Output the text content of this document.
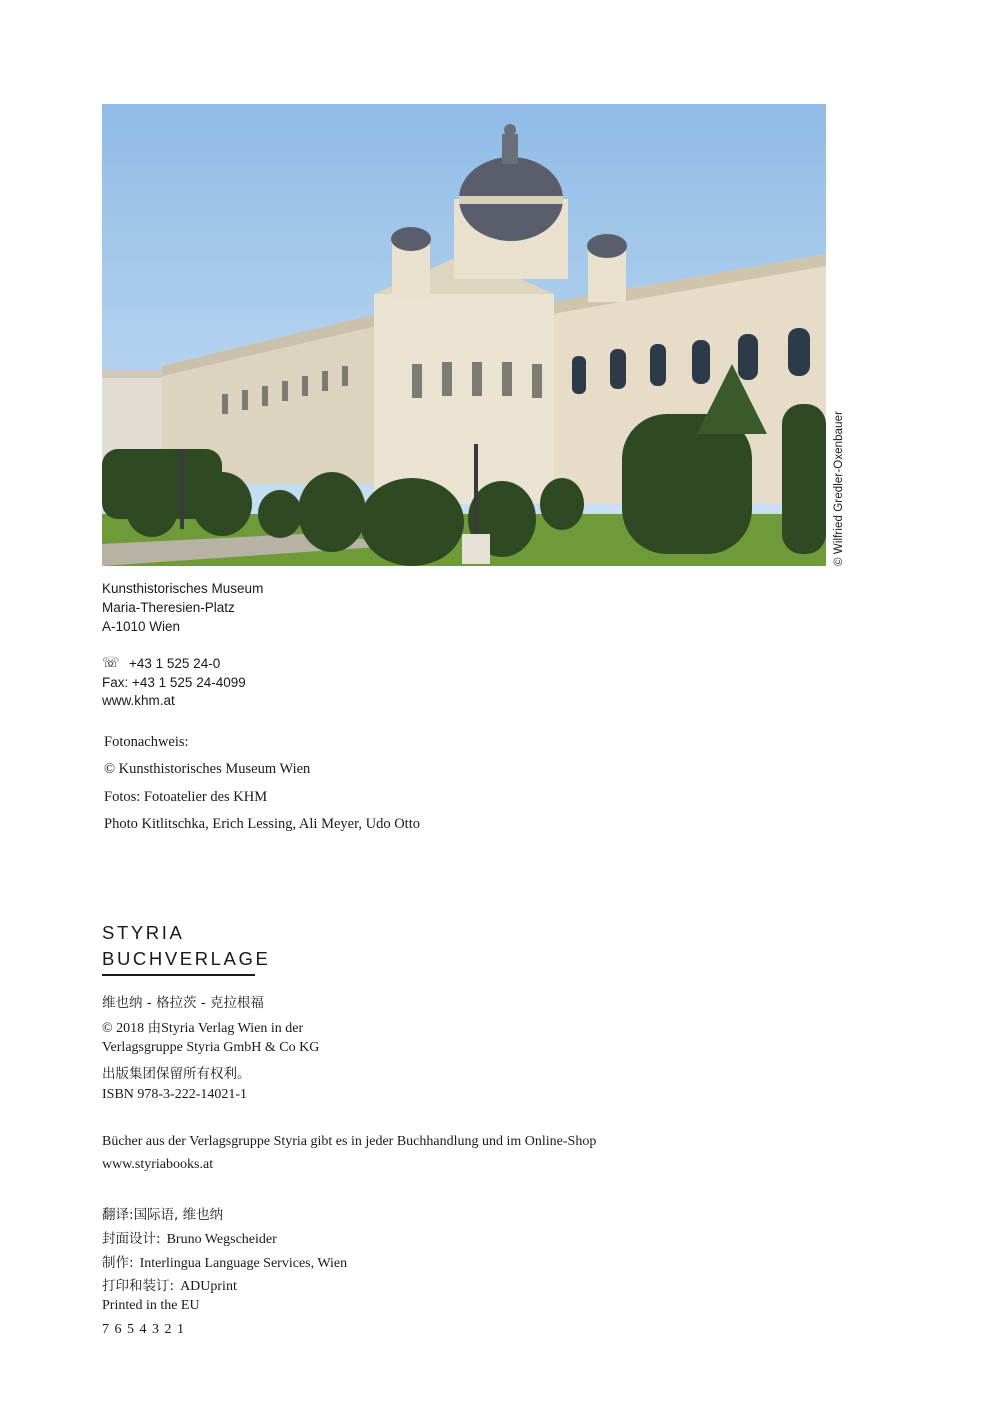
© Wilfried Gredler-Oxenbauer
Kunsthistorisches Museum
Maria-Theresien-Platz
A-1010 Wien
☏ +43 1 525 24-0
Fax: +43 1 525 24-4099
www.khm.at
Fotonachweis:
© Kunsthistorisches Museum Wien
Fotos: Fotoatelier des KHM
Photo Kitlitschka, Erich Lessing, Ali Meyer, Udo Otto
STYRIA
BUCHVERLAGE
维也纳 - 格拉茨 - 克拉根福
© 2018 由Styria Verlag Wien in der
Verlagsgruppe Styria GmbH & Co KG
出版集团保留所有权利。
ISBN 978-3-222-14021-1
Bücher aus der Verlagsgruppe Styria gibt es in jeder Buchhandlung und im Online-Shop
www.styriabooks.at
翻译:国际语, 维也纳
封面设计: Bruno Wegscheider
制作: Interlingua Language Services, Wien
打印和装订: ADUprint
Printed in the EU
7 6 5 4 3 2 1
